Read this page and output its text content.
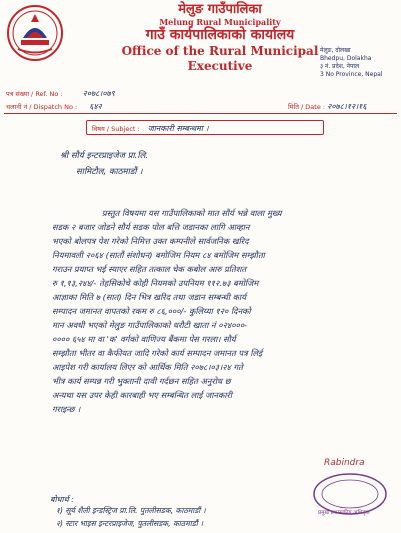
मेलुङ गाउँपालिका
Melung Rural Municipality
गाउँ कार्यपालिकाको कार्यालय
Office of the Rural Municipal Executive
मेलुङ, दोलखा
Bhedpu, Dolakha
३ नं. प्रदेश, नेपाल
3 No Province, Nepal
पत्र संख्या / Ref. No :	२०७८।०७९
चलानी नं / Dispatch No : ६४२	मिति / Date : २०७८।१२।१६
विषय / Subject : जानकारी सम्बन्धमा ।
श्री सौर्य इन्टरप्राइजेज प्रा.लि.
सामिटौल, काठमाडौं ।
प्रस्तुत विषयमा यस गाउँपालिकाको मात सौर्य भन्ने वाला मुख्य
सडक २ बजार जोडने सौर्य सडक पोल बत्ति जडानका लागि आव्हान
भएको बोलपत्र पेश गरेको निमित्त उक्त कम्पनीले सार्वजनिक खरिद
नियमावली २०६४ (सातौं संशोधन) बमोजिम नियम ८४ बमोजिम सम्झौता
गराउन प्रयाप्त भई स्याएर सहित तत्काल चेक कबोल आरु प्रतिशत
रु १,१३,२४४/- तेहसिकोचे कोही नियमको उपनियम ११२.७३ बमोजिम
आज्ञाका मिति ७ (सात) दिन भित्र खरिद तथा जडान सम्बन्धी कार्य
सम्पादन जमानत वापतको रकम रु ८६,०००/- कुलिय्या १२० दिनको
मान अवधी भएको मेलुङ गाउँपालिकाको धरौटी खाता नं ०२४०००-
०००० ६५४ मा वा 'क' वर्गको वाणिज्य बैंकमा पेस गरला। सौर्य
सम्झौता भीतर वा कैफीयत जादि गरेको कार्य सम्पादन जमानत पत्र लिई
आइपेश गरी कार्यालय लिएर को आर्थिक मिति २०७८।०३।२४ गते
भीत्र कार्य सम्पन्न गरी भुक्तानी दावी गर्दछन सहित अनुरोध छ
अन्यथा यस उपर केही कारबाही भए सम्बन्धित लाई जानकारी
गराइन्छ ।
बोधार्थ :
१) सूर्य शैली इन्डस्ट्रिज प्रा.लि. पुतलीसडक, काठमाडौं ।
२) स्टार भाइस इन्टरप्राइजेज, पुतलीसडक, काठमाडौं ।
Rabindra
प्रमुख प्रशासकीय अधिकृत
